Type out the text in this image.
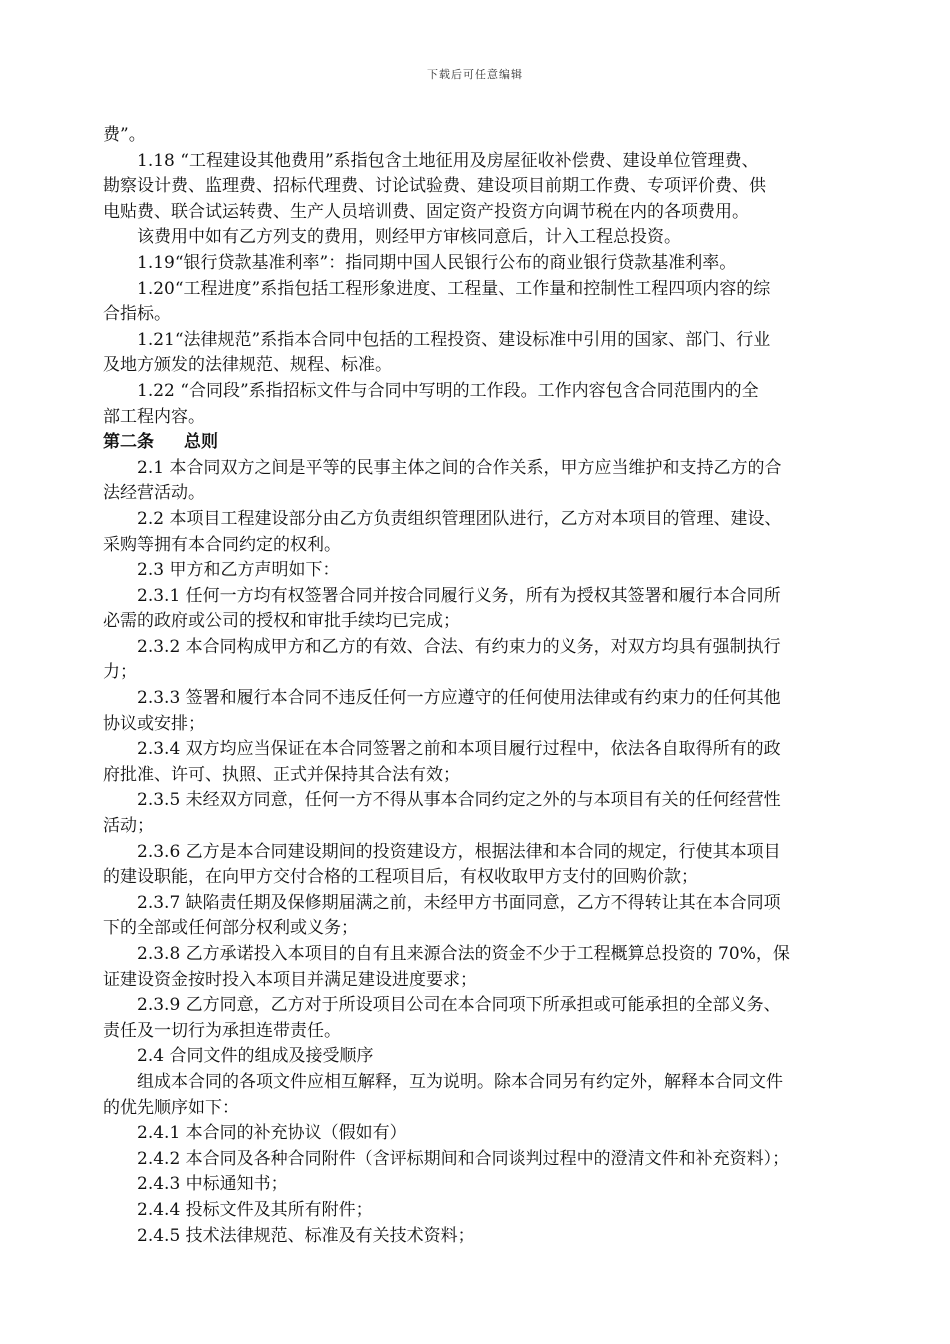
下载后可任意编辑
费”。
1.18 “工程建设其他费用”系指包含土地征用及房屋征收补偿费、建设单位管理费、
勘察设计费、监理费、招标代理费、讨论试验费、建设项目前期工作费、专项评价费、供
电贴费、联合试运转费、生产人员培训费、固定资产投资方向调节税在内的各项费用。
该费用中如有乙方列支的费用，则经甲方审核同意后，计入工程总投资。
1.19“银行贷款基准利率”：指同期中国人民银行公布的商业银行贷款基准利率。
1.20“工程进度”系指包括工程形象进度、工程量、工作量和控制性工程四项内容的综
合指标。
1.21“法律规范”系指本合同中包括的工程投资、建设标准中引用的国家、部门、行业
及地方颁发的法律规范、规程、标准。
1.22 “合同段”系指招标文件与合同中写明的工作段。工作内容包含合同范围内的全
部工程内容。
第二条 总则
2.1 本合同双方之间是平等的民事主体之间的合作关系，甲方应当维护和支持乙方的合
法经营活动。
2.2 本项目工程建设部分由乙方负责组织管理团队进行，乙方对本项目的管理、建设、
采购等拥有本合同约定的权利。
2.3 甲方和乙方声明如下：
2.3.1 任何一方均有权签署合同并按合同履行义务，所有为授权其签署和履行本合同所
必需的政府或公司的授权和审批手续均已完成；
2.3.2 本合同构成甲方和乙方的有效、合法、有约束力的义务，对双方均具有强制执行
力；
2.3.3 签署和履行本合同不违反任何一方应遵守的任何使用法律或有约束力的任何其他
协议或安排；
2.3.4 双方均应当保证在本合同签署之前和本项目履行过程中，依法各自取得所有的政
府批准、许可、执照、正式并保持其合法有效；
2.3.5 未经双方同意，任何一方不得从事本合同约定之外的与本项目有关的任何经营性
活动；
2.3.6 乙方是本合同建设期间的投资建设方，根据法律和本合同的规定，行使其本项目
的建设职能，在向甲方交付合格的工程项目后，有权收取甲方支付的回购价款；
2.3.7 缺陷责任期及保修期届满之前，未经甲方书面同意，乙方不得转让其在本合同项
下的全部或任何部分权利或义务；
2.3.8 乙方承诺投入本项目的自有且来源合法的资金不少于工程概算总投资的 70%，保
证建设资金按时投入本项目并满足建设进度要求；
2.3.9 乙方同意，乙方对于所设项目公司在本合同项下所承担或可能承担的全部义务、
责任及一切行为承担连带责任。
2.4 合同文件的组成及接受顺序
组成本合同的各项文件应相互解释，互为说明。除本合同另有约定外，解释本合同文件
的优先顺序如下：
2.4.1 本合同的补充协议（假如有）
2.4.2 本合同及各种合同附件（含评标期间和合同谈判过程中的澄清文件和补充资料）；
2.4.3 中标通知书；
2.4.4 投标文件及其所有附件；
2.4.5 技术法律规范、标准及有关技术资料；
